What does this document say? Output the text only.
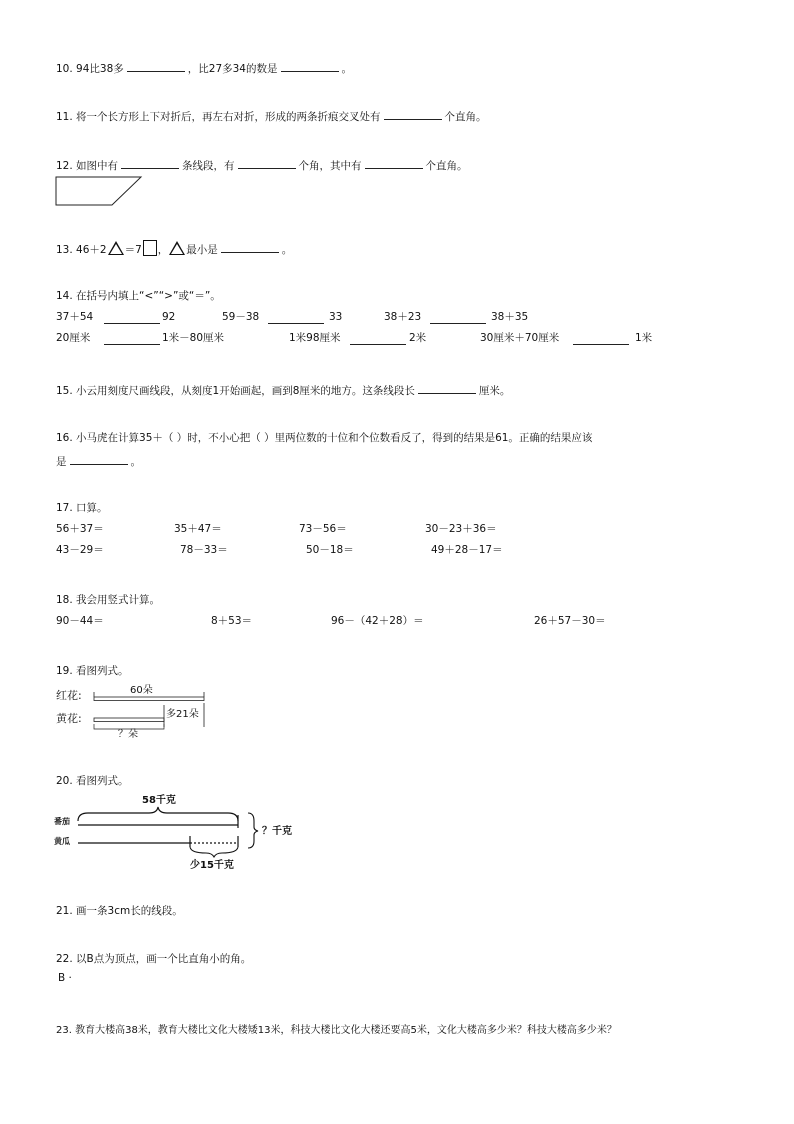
10. 94比38多	，比27多34的数是	。
11. 将一个长方形上下对折后，再左右对折，形成的两条折痕交叉处有	个直角。
12. 如图中有	条线段，有	个角，其中有	个直角。
13. 46＋2 ＝7 ， 最小是	。
14. 在括号内填上“<”“>”或“＝”。
37＋54	92	59－38	33	38＋23	38＋35
20厘米	1米－80厘米	1米98厘米	2米	30厘米＋70厘米	1米
15. 小云用刻度尺画线段，从刻度1开始画起，画到8厘米的地方。这条线段长	厘米。
16. 小马虎在计算35＋（ ）时，不小心把（ ）里两位数的十位和个位数看反了，得到的结果是61。正确的结果应该
是	。
17. 口算。
56＋37＝	35＋47＝	73－56＝	30－23＋36＝
43－29＝	78－33＝	50－18＝	49＋28－17＝
18. 我会用竖式计算。
90－44＝	8＋53＝	96－（42＋28）＝	26＋57－30＝
19. 看图列式。
红花:
黄花:
60朵
多21朵
？朵
20. 看图列式。
58千克
番茄
黄瓜
？千克
少15千克
21. 画一条3cm长的线段。
22. 以B点为顶点，画一个比直角小的角。
B ·
23. 教育大楼高38米，教育大楼比文化大楼矮13米，科技大楼比文化大楼还要高5米，文化大楼高多少米？科技大楼高多少米？
